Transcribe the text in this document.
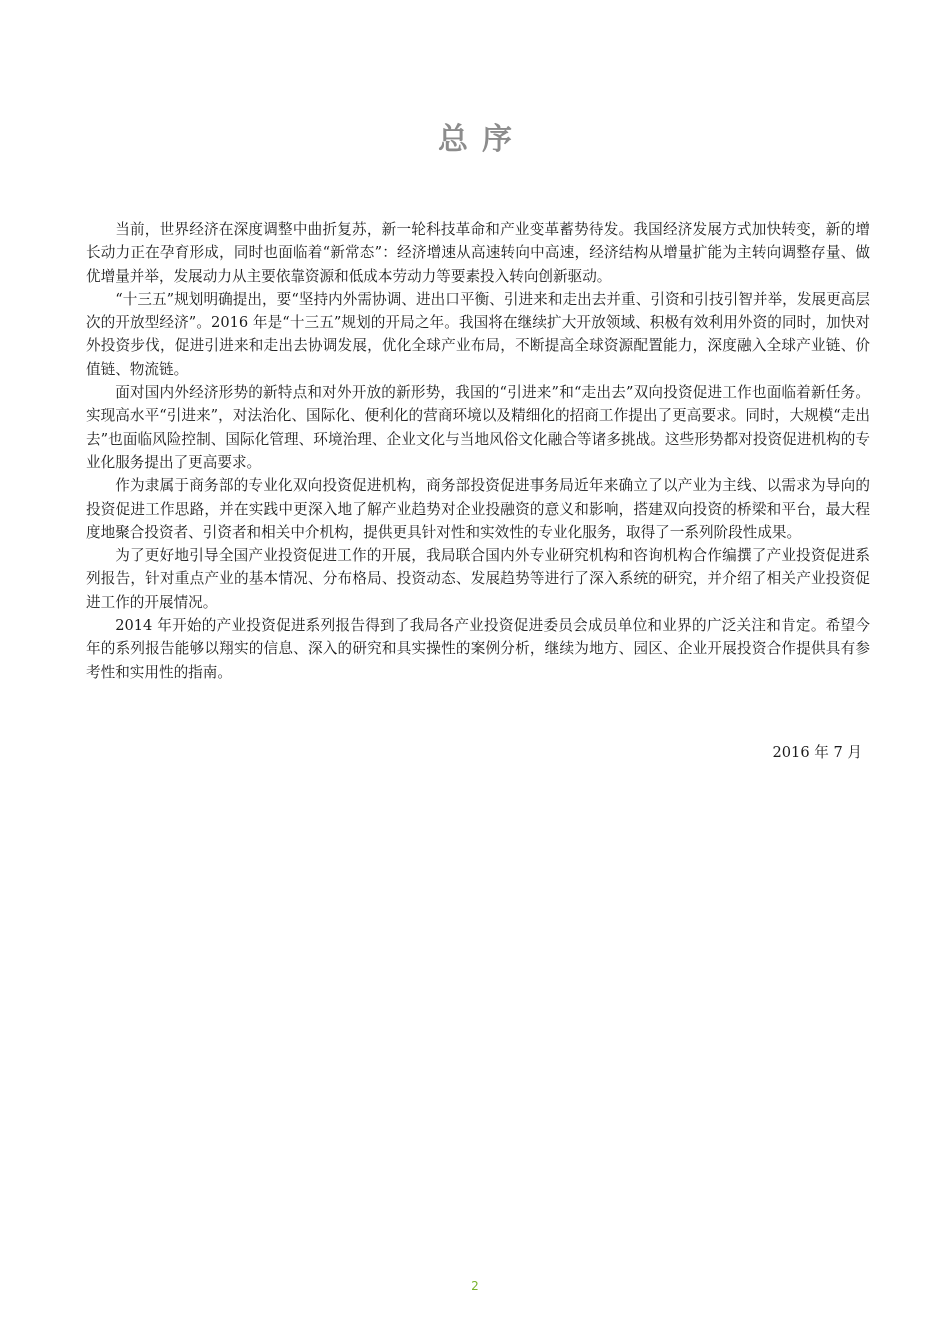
总序

当前，世界经济在深度调整中曲折复苏，新一轮科技革命和产业变革蓄势待发。我国经济发展方式加快转变，新的增长动力正在孕育形成，同时也面临着“新常态”：经济增速从高速转向中高速，经济结构从增量扩能为主转向调整存量、做优增量并举，发展动力从主要依靠资源和低成本劳动力等要素投入转向创新驱动。

“十三五”规划明确提出，要“坚持内外需协调、进出口平衡、引进来和走出去并重、引资和引技引智并举，发展更高层次的开放型经济”。2016 年是“十三五”规划的开局之年。我国将在继续扩大开放领域、积极有效利用外资的同时，加快对外投资步伐，促进引进来和走出去协调发展，优化全球产业布局，不断提高全球资源配置能力，深度融入全球产业链、价值链、物流链。

面对国内外经济形势的新特点和对外开放的新形势，我国的“引进来”和“走出去”双向投资促进工作也面临着新任务。实现高水平“引进来”，对法治化、国际化、便利化的营商环境以及精细化的招商工作提出了更高要求。同时，大规模“走出去”也面临风险控制、国际化管理、环境治理、企业文化与当地风俗文化融合等诸多挑战。这些形势都对投资促进机构的专业化服务提出了更高要求。

作为隶属于商务部的专业化双向投资促进机构，商务部投资促进事务局近年来确立了以产业为主线、以需求为导向的投资促进工作思路，并在实践中更深入地了解产业趋势对企业投融资的意义和影响，搭建双向投资的桥梁和平台，最大程度地聚合投资者、引资者和相关中介机构，提供更具针对性和实效性的专业化服务，取得了一系列阶段性成果。

为了更好地引导全国产业投资促进工作的开展，我局联合国内外专业研究机构和咨询机构合作编撰了产业投资促进系列报告，针对重点产业的基本情况、分布格局、投资动态、发展趋势等进行了深入系统的研究，并介绍了相关产业投资促进工作的开展情况。

2014 年开始的产业投资促进系列报告得到了我局各产业投资促进委员会成员单位和业界的广泛关注和肯定。希望今年的系列报告能够以翔实的信息、深入的研究和具实操性的案例分析，继续为地方、园区、企业开展投资合作提供具有参考性和实用性的指南。

2016 年 7 月
2
